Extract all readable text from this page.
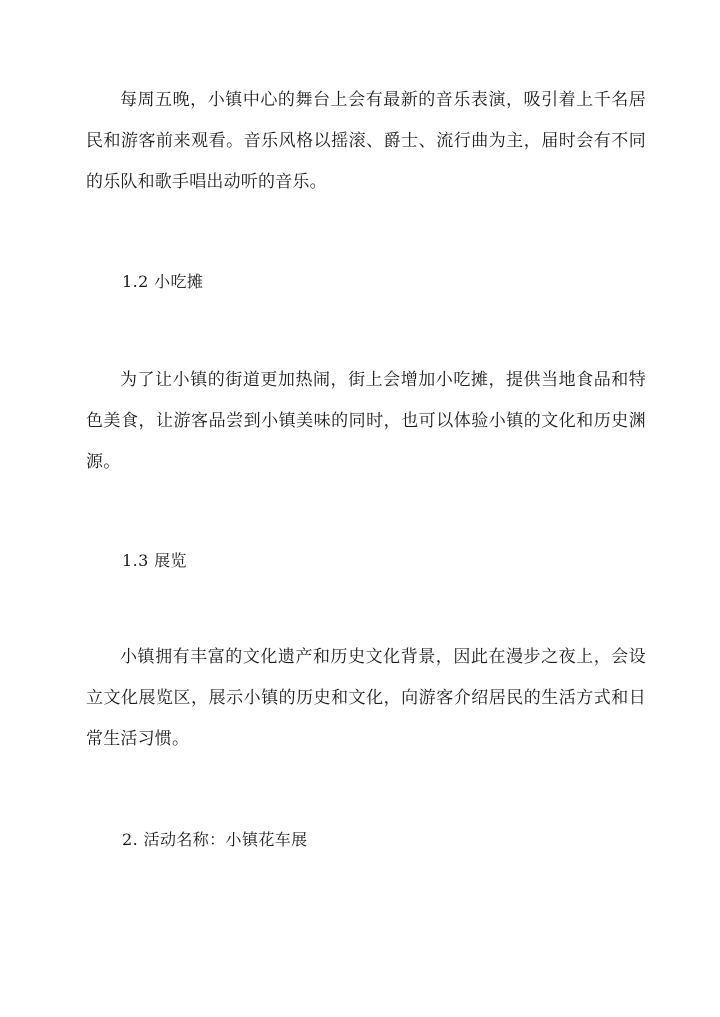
每周五晚，小镇中心的舞台上会有最新的音乐表演，吸引着上千名居民和游客前来观看。音乐风格以摇滚、爵士、流行曲为主，届时会有不同的乐队和歌手唱出动听的音乐。

1.2 小吃摊

为了让小镇的街道更加热闹，街上会增加小吃摊，提供当地食品和特色美食，让游客品尝到小镇美味的同时，也可以体验小镇的文化和历史渊源。

1.3 展览

小镇拥有丰富的文化遗产和历史文化背景，因此在漫步之夜上，会设立文化展览区，展示小镇的历史和文化，向游客介绍居民的生活方式和日常生活习惯。

2. 活动名称：小镇花车展
